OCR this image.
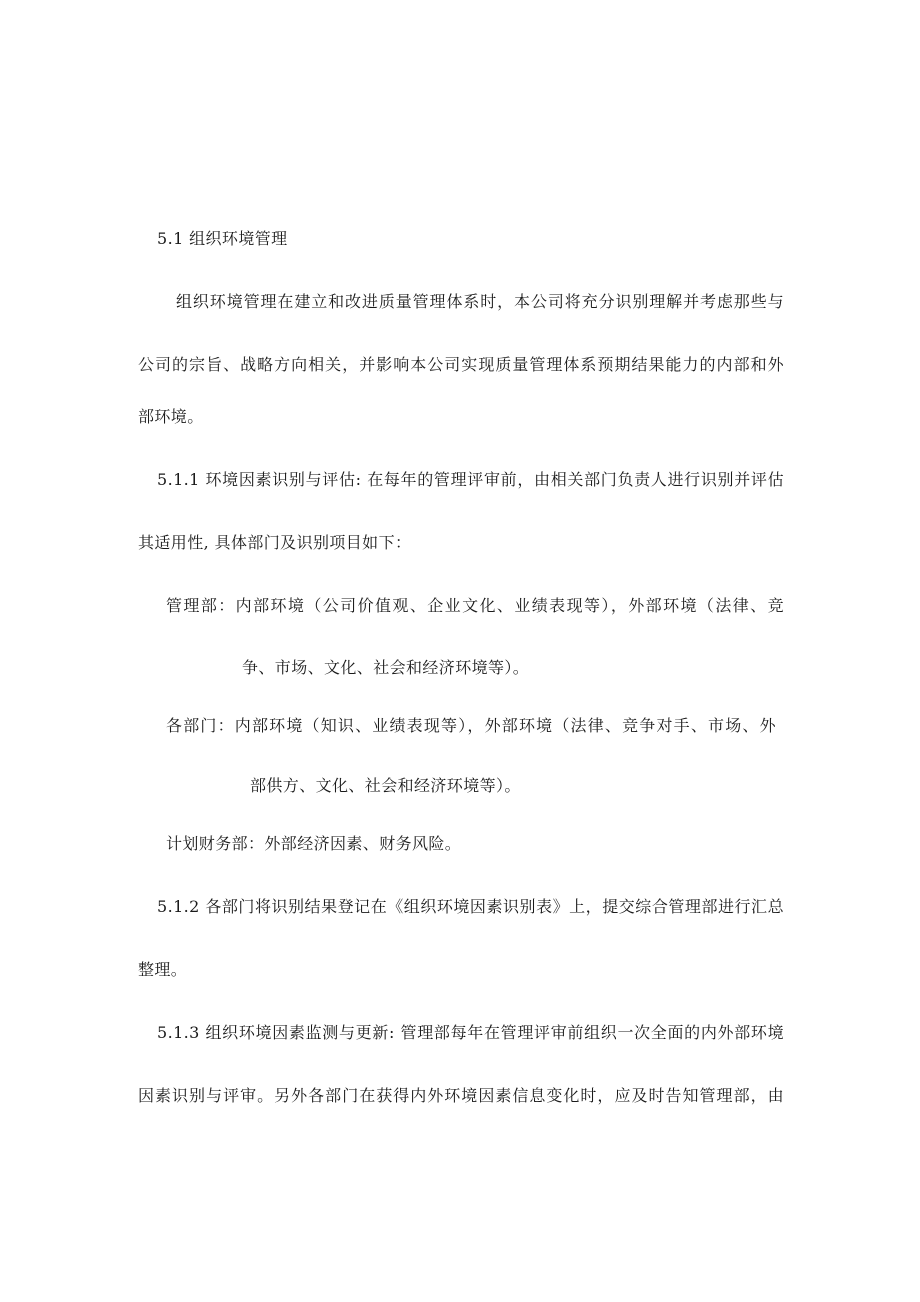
5.1 组织环境管理
组织环境管理在建立和改进质量管理体系时，本公司将充分识别理解并考虑那些与
公司的宗旨、战略方向相关，并影响本公司实现质量管理体系预期结果能力的内部和外
部环境。
5.1.1 环境因素识别与评估: 在每年的管理评审前，由相关部门负责人进行识别并评估
其适用性, 具体部门及识别项目如下：
管理部：内部环境（公司价值观、企业文化、业绩表现等），外部环境（法律、竞
争、市场、文化、社会和经济环境等）。
各部门：内部环境（知识、业绩表现等），外部环境（法律、竞争对手、市场、外
部供方、文化、社会和经济环境等）。
计划财务部：外部经济因素、财务风险。
5.1.2 各部门将识别结果登记在《组织环境因素识别表》上，提交综合管理部进行汇总
整理。
5.1.3 组织环境因素监测与更新: 管理部每年在管理评审前组织一次全面的内外部环境
因素识别与评审。另外各部门在获得内外环境因素信息变化时，应及时告知管理部，由
